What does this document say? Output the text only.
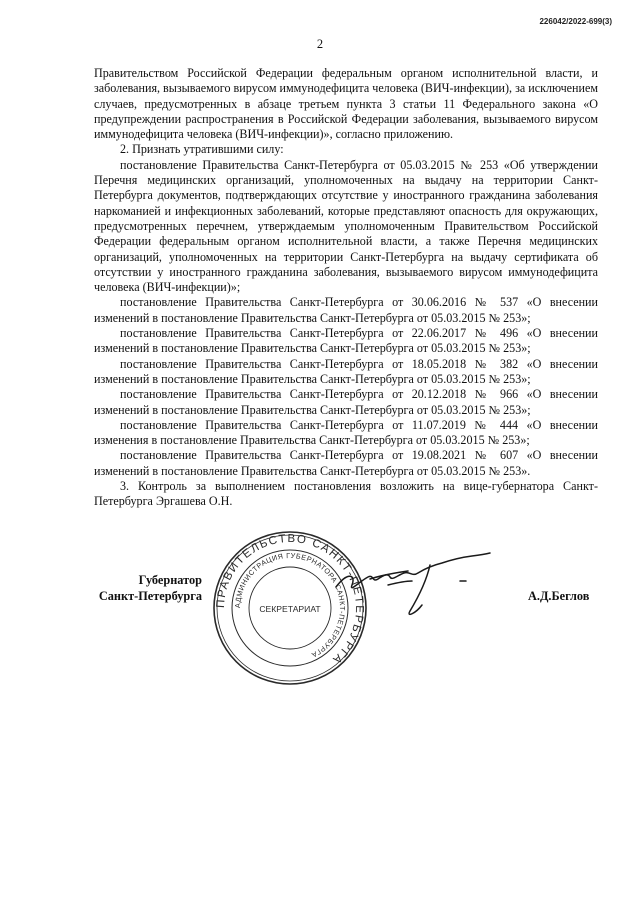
226042/2022-699(3)
2

Правительством Российской Федерации федеральным органом исполнительной власти, и заболевания, вызываемого вирусом иммунодефицита человека (ВИЧ-инфекции), за исключением случаев, предусмотренных в абзаце третьем пункта 3 статьи 11 Федерального закона «О предупреждении распространения в Российской Федерации заболевания, вызываемого вирусом иммунодефицита человека (ВИЧ-инфекции)», согласно приложению.

2. Признать утратившими силу:

постановление Правительства Санкт-Петербурга от 05.03.2015 № 253 «Об утверждении Перечня медицинских организаций, уполномоченных на выдачу на территории Санкт-Петербурга документов, подтверждающих отсутствие у иностранного гражданина заболевания наркоманией и инфекционных заболеваний, которые представляют опасность для окружающих, предусмотренных перечнем, утверждаемым уполномоченным Правительством Российской Федерации федеральным органом исполнительной власти, а также Перечня медицинских организаций, уполномоченных на территории Санкт-Петербурга на выдачу сертификата об отсутствии у иностранного гражданина заболевания, вызываемого вирусом иммунодефицита человека (ВИЧ-инфекции)»;

постановление Правительства Санкт-Петербурга от 30.06.2016 № 537 «О внесении изменений в постановление Правительства Санкт-Петербурга от 05.03.2015 № 253»;

постановление Правительства Санкт-Петербурга от 22.06.2017 № 496 «О внесении изменений в постановление Правительства Санкт-Петербурга от 05.03.2015 № 253»;

постановление Правительства Санкт-Петербурга от 18.05.2018 № 382 «О внесении изменений в постановление Правительства Санкт-Петербурга от 05.03.2015 № 253»;

постановление Правительства Санкт-Петербурга от 20.12.2018 № 966 «О внесении изменений в постановление Правительства Санкт-Петербурга от 05.03.2015 № 253»;

постановление Правительства Санкт-Петербурга от 11.07.2019 № 444 «О внесении изменения в постановление Правительства Санкт-Петербурга от 05.03.2015 № 253»;

постановление Правительства Санкт-Петербурга от 19.08.2021 № 607 «О внесении изменений в постановление Правительства Санкт-Петербурга от 05.03.2015 № 253».

3. Контроль за выполнением постановления возложить на вице-губернатора Санкт-Петербурга Эргашева О.Н.

Губернатор
Санкт-Петербурга ПРАВИТЕЛЬСТВО САНКТ-ПЕТЕРБУРГА
АДМИНИСТРАЦИЯ ГУБЕРНАТОРА САНКТ-ПЕТЕРБУРГА
СЕКРЕТАРИАТ
А.Д.Беглов
